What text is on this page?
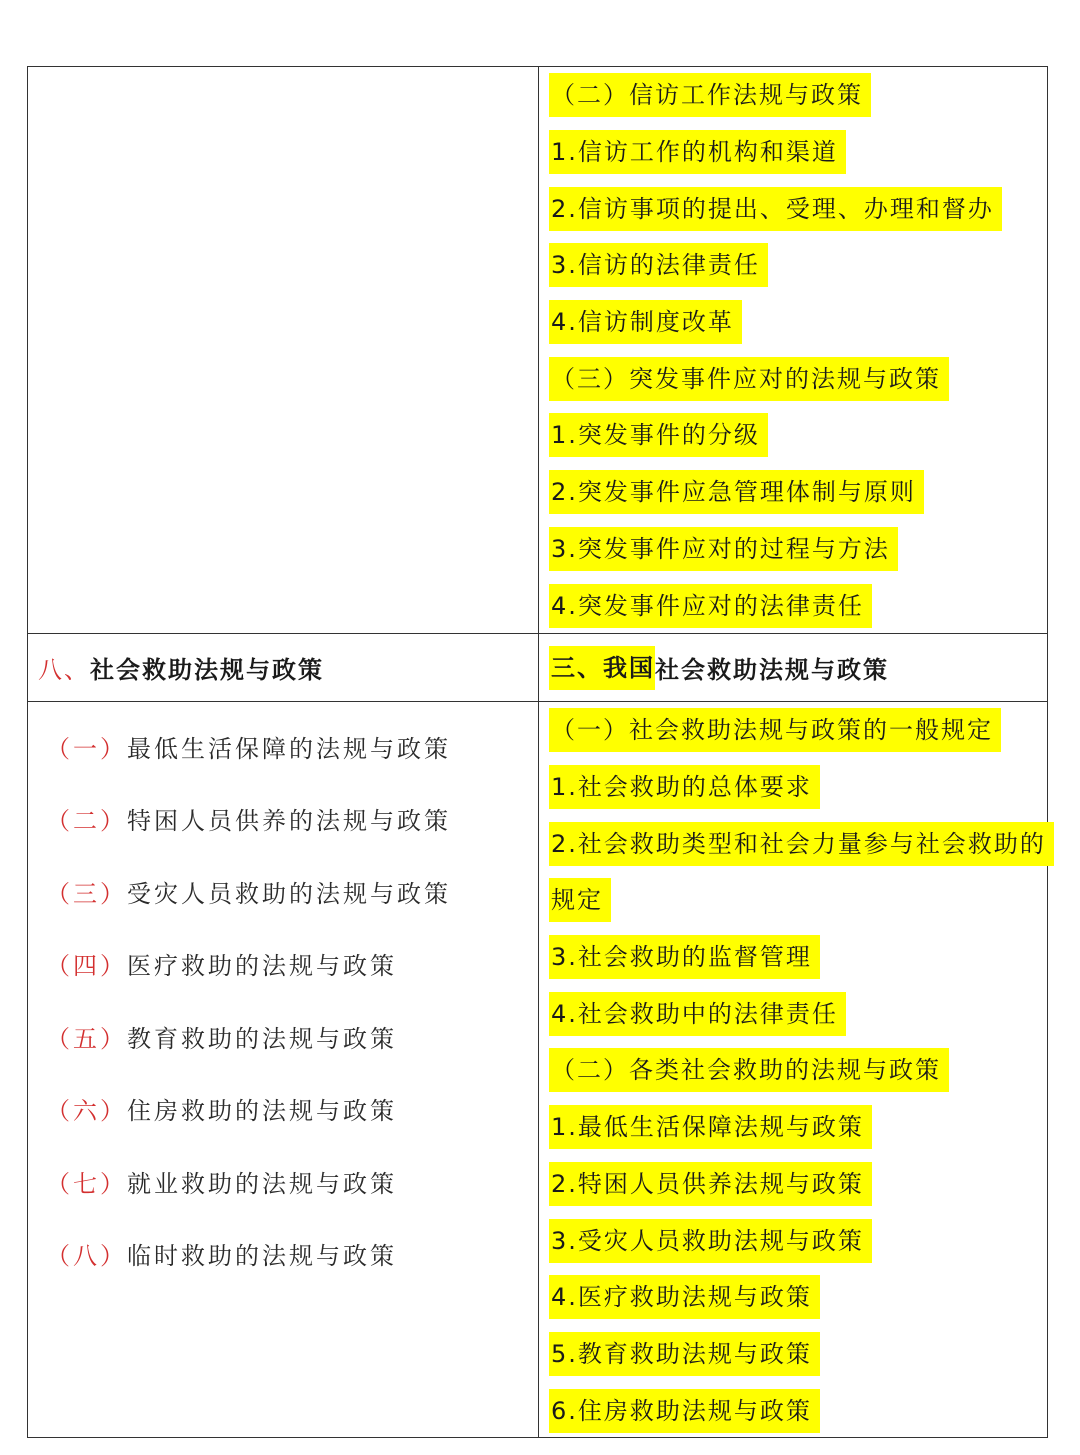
（二）信访工作法规与政策
1.信访工作的机构和渠道
2.信访事项的提出、受理、办理和督办
3.信访的法律责任
4.信访制度改革
（三）突发事件应对的法规与政策
1.突发事件的分级
2.突发事件应急管理体制与原则
3.突发事件应对的过程与方法
4.突发事件应对的法律责任
八、 社会救助法规与政策	三、我国 社会救助法规与政策
（一） 最低生活保障的法规与政策
（二） 特困人员供养的法规与政策
（三） 受灾人员救助的法规与政策
（四） 医疗救助的法规与政策
（五） 教育救助的法规与政策
（六） 住房救助的法规与政策
（七） 就业救助的法规与政策
（八） 临时救助的法规与政策
（一）社会救助法规与政策的一般规定
1.社会救助的总体要求
2.社会救助类型和社会力量参与社会救助的
规定
3.社会救助的监督管理
4.社会救助中的法律责任
（二）各类社会救助的法规与政策
1.最低生活保障法规与政策
2.特困人员供养法规与政策
3.受灾人员救助法规与政策
4.医疗救助法规与政策
5.教育救助法规与政策
6.住房救助法规与政策
